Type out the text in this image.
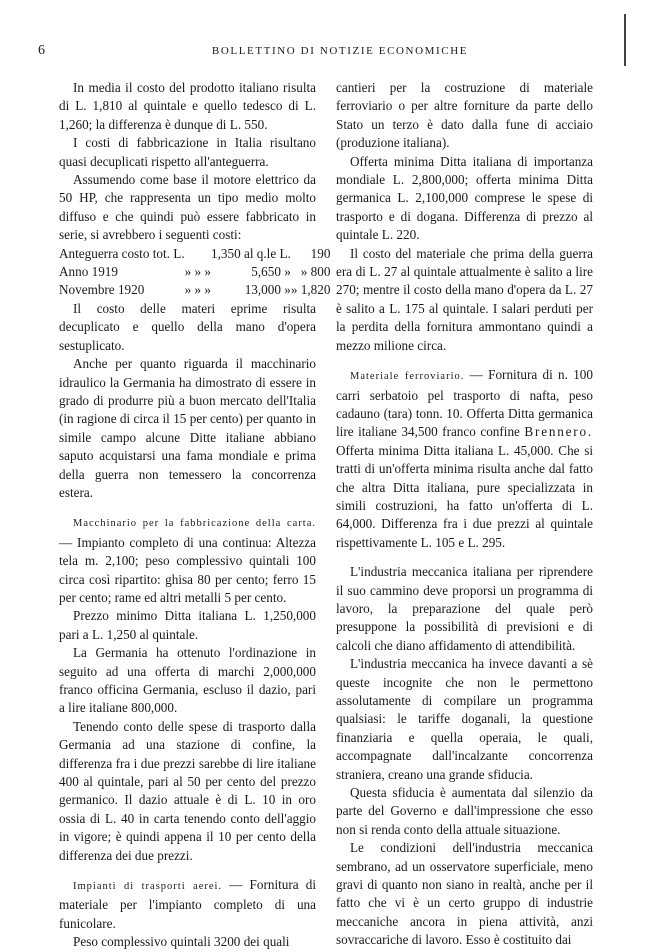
6	BOLLETTINO DI NOTIZIE ECONOMICHE

In media il costo del prodotto italiano risulta di L. 1,810 al quintale e quello tedesco di L. 1,260; la differenza è dunque di L. 550.

I costi di fabbricazione in Italia risultano quasi decuplicati rispetto all'anteguerra.

Assumendo come base il motore elettrico da 50 HP, che rappresenta un tipo medio molto diffuso e che quindi può essere fabbricato in serie, si avrebbero i seguenti costi:

Anteguerra costo tot. L.		1,350 al q.le L.	190
Anno 1919	» » »	5,650 »	» 800
Novembre 1920	» » »	13,000 »	» 1,820

Il costo delle materi eprime risulta decuplicato e quello della mano d'opera sestuplicato.

Anche per quanto riguarda il macchinario idraulico la Germania ha dimostrato di essere in grado di produrre più a buon mercato dell'Italia (in ragione di circa il 15 per cento) per quanto in simile campo alcune Ditte italiane abbiano saputo acquistarsi una fama mondiale e prima della guerra non temessero la concorrenza estera.

Macchinario per la fabbricazione della carta. — Impianto completo di una continua: Altezza tela m. 2,100; peso complessivo quintali 100 circa così ripartito: ghisa 80 per cento; ferro 15 per cento; rame ed altri metalli 5 per cento.

Prezzo minimo Ditta italiana L. 1,250,000 pari a L. 1,250 al quintale.

La Germania ha ottenuto l'ordinazione in seguito ad una offerta di marchi 2,000,000 franco officina Germania, escluso il dazio, pari a lire italiane 800,000.

Tenendo conto delle spese di trasporto dalla Germania ad una stazione di confine, la differenza fra i due prezzi sarebbe di lire italiane 400 al quintale, pari al 50 per cento del prezzo germanico. Il dazio attuale è di L. 10 in oro ossia di L. 40 in carta tenendo conto dell'aggio in vigore; è quindi appena il 10 per cento della differenza dei due prezzi.

Impianti di trasporti aerei. — Fornitura di materiale per l'impianto completo di una funicolare.

Peso complessivo quintali 3200 dei quali

cantieri per la costruzione di materiale ferroviario o per altre forniture da parte dello Stato un terzo è dato dalla fune di acciaio (produzione italiana).

Offerta minima Ditta italiana di importanza mondiale L. 2,800,000; offerta minima Ditta germanica L. 2,100,000 comprese le spese di trasporto e di dogana. Differenza di prezzo al quintale L. 220.

Il costo del materiale che prima della guerra era di L. 27 al quintale attualmente è salito a lire 270; mentre il costo della mano d'opera da L. 27 è salito a L. 175 al quintale. I salari perduti per la perdita della fornitura ammontano quindi a mezzo milione circa.

Materiale ferroviario. — Fornitura di n. 100 carri serbatoio pel trasporto di nafta, peso cadauno (tara) tonn. 10. Offerta Ditta germanica lire italiane 34,500 franco confine Brennero. Offerta minima Ditta italiana L. 45,000. Che si tratti di un'offerta minima risulta anche dal fatto che altra Ditta italiana, pure specializzata in simili costruzioni, ha fatto un'offerta di L. 64,000. Differenza fra i due prezzi al quintale rispettivamente L. 105 e L. 295.

L'industria meccanica italiana per riprendere il suo cammino deve proporsi un programma di lavoro, la preparazione del quale però presuppone la possibilità di previsioni e di calcoli che diano affidamento di attendibilità.

L'industria meccanica ha invece davanti a sè queste incognite che non le permettono assolutamente di compilare un programma qualsiasi: le tariffe doganali, la questione finanziaria e quella operaia, le quali, accompagnate dall'incalzante concorrenza straniera, creano una grande sfiducia.

Questa sfiducia è aumentata dal silenzio da parte del Governo e dall'impressione che esso non si renda conto della attuale situazione.

Le condizioni dell'industria meccanica sembrano, ad un osservatore superficiale, meno gravi di quanto non siano in realtà, anche per il fatto che vi è un certo gruppo di industrie meccaniche ancora in piena attività, anzi sovraccariche di lavoro. Esso è costituito dai
